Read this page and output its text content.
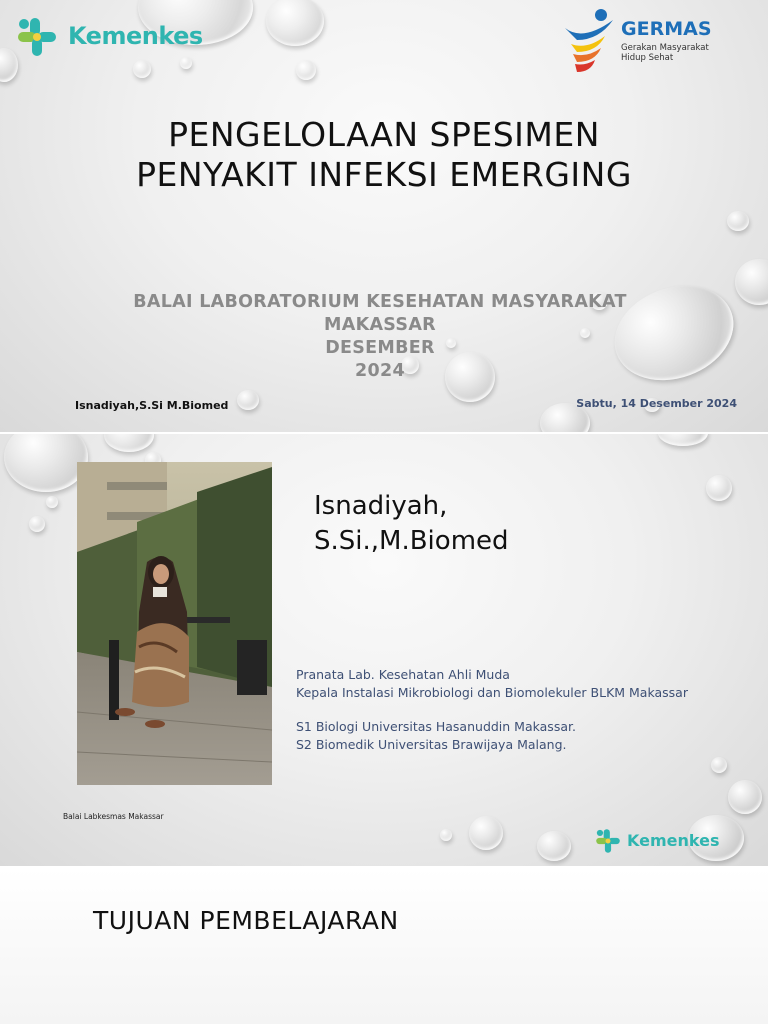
Kemenkes	GERMAS
Gerakan Masyarakat
Hidup Sehat
PENGELOLAAN SPESIMEN
PENYAKIT INFEKSI EMERGING
BALAI LABORATORIUM KESEHATAN MASYARAKAT
MAKASSAR
DESEMBER
2024
Isnadiyah,S.Si M.Biomed	Sabtu, 14 Desember 2024
Isnadiyah,
S.Si.,M.Biomed
Pranata Lab. Kesehatan Ahli Muda
Kepala Instalasi Mikrobiologi dan Biomolekuler BLKM Makassar
S1 Biologi Universitas Hasanuddin Makassar.
S2 Biomedik Universitas Brawijaya Malang.
Balai Labkesmas Makassar
Kemenkes
TUJUAN PEMBELAJARAN
